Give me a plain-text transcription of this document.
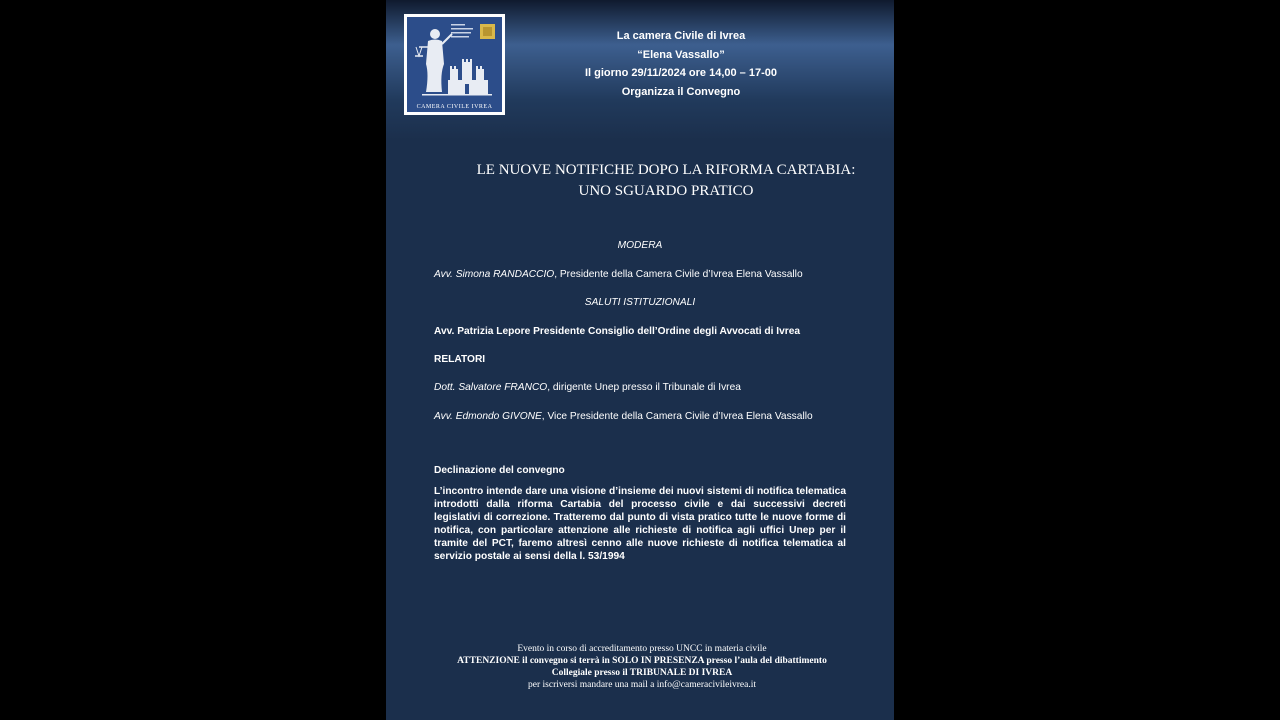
CAMERA CIVILE IVREA
La camera Civile di Ivrea
“Elena Vassallo”
Il giorno 29/11/2024 ore 14,00 – 17-00
Organizza il Convegno
LE NUOVE NOTIFICHE DOPO LA RIFORMA CARTABIA:
UNO SGUARDO PRATICO
MODERA
Avv. Simona RANDACCIO, Presidente della Camera Civile d’Ivrea Elena Vassallo
SALUTI ISTITUZIONALI
Avv. Patrizia Lepore Presidente Consiglio dell’Ordine degli Avvocati di Ivrea
RELATORI
Dott. Salvatore FRANCO, dirigente Unep presso il Tribunale di Ivrea
Avv. Edmondo GIVONE, Vice Presidente della Camera Civile d’Ivrea Elena Vassallo
Declinazione del convegno
L’incontro intende dare una visione d’insieme dei nuovi sistemi di notifica telematica introdotti dalla riforma Cartabia del processo civile e dai successivi decreti legislativi di correzione. Tratteremo dal punto di vista pratico tutte le nuove forme di notifica, con particolare attenzione alle richieste di notifica agli uffici Unep per il tramite del PCT, faremo altresì cenno alle nuove richieste di notifica telematica al servizio postale ai sensi della l. 53/1994
Evento in corso di accreditamento presso UNCC in materia civile
ATTENZIONE il convegno si terrà in SOLO IN PRESENZA presso l’aula del dibattimento
Collegiale presso il TRIBUNALE DI IVREA
per iscriversi mandare una mail a info@cameracivileivrea.it
